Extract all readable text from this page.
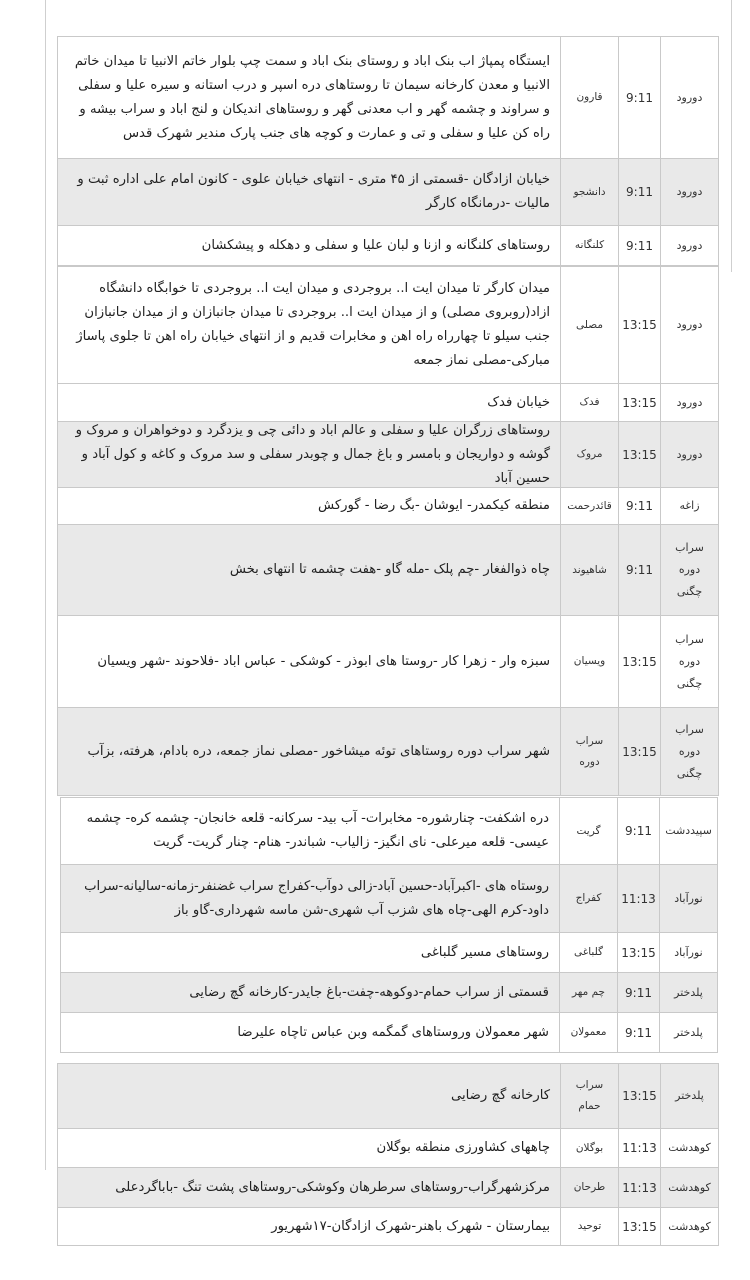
دورود
9:11
قارون
ایستگاه پمپاژ اب بنک اباد و روستای بنک اباد و سمت چپ بلوار خاتم الانبیا تا میدان خاتم الانبیا و معدن کارخانه سیمان تا روستاهای دره اسپر و درب استانه و سیره علیا و سفلی و سراوند و چشمه گهر و اب معدنی گهر و روستاهای اندیکان و لنج اباد و سراب بیشه و راه کن علیا و سفلی و تی و عمارت و کوچه های جنب پارک مندیر شهرک قدس
دورود
9:11
دانشجو
خیابان ازادگان -قسمتی از ۴۵ متری - انتهای خیابان علوی - کانون امام علی اداره ثبت و مالیات -درمانگاه کارگر
دورود
9:11
کلنگانه
روستاهای کلنگانه و ازنا و لبان علیا و سفلی و دهکله و پیشکشان
دورود
13:15
مصلی
میدان کارگر تا میدان ایت ا.. بروجردی و میدان ایت ا.. بروجردی تا خوابگاه دانشگاه ازاد(روبروی مصلی) و از میدان ایت ا.. بروجردی تا میدان جانبازان و از میدان جانبازان جنب سیلو تا چهارراه راه اهن و مخابرات قدیم و از انتهای خیابان راه اهن تا جلوی پاساژ مبارکی-مصلی نماز جمعه
دورود
13:15
فدک
خیابان فدک
دورود
13:15
مروک
روستاهای زرگران علیا و سفلی و عالم اباد و دائی چی و یزدگرد و دوخواهران و مروک و گوشه و دواریجان و بامسر و باغ جمال و چوبدر سفلی و سد مروک و کاغه و کول آباد و حسین آباد
زاغه
9:11
قائدرحمت
منطقه کیکمدر- ایوشان -بگ رضا - گورکش
سراب دوره چگنی
9:11
شاهیوند
چاه ذوالفغار -چم پلک -مله گاو -هفت چشمه تا انتهای بخش
سراب دوره چگنی
13:15
ویسیان
سبزه وار - زهرا کار -روستا های ابوذر - کوشکی - عباس اباد -فلاحوند -شهر ویسیان
سراب دوره چگنی
13:15
سراب دوره
شهر سراب دوره روستاهای توئه میشاخور -مصلی نماز جمعه، دره بادام، هرفته، بزآب
سپیددشت
9:11
گریت
دره اشکفت- چنارشوره- مخابرات- آب بید- سرکانه- قلعه خانجان- چشمه کره- چشمه عیسی- قلعه میرعلی- نای انگیز- زالیاب- شباندر- هنام- چنار گریت- گریت
نورآباد
11:13
کفراج
روستاه های -اکبرآباد-حسین آباد-زالی دوآب-کفراج سراب غضنفر-زمانه-سالیانه-سراب داود-کرم الهی-چاه های شزب آب شهری-شن ماسه شهرداری-گاو باز
نورآباد
13:15
گلباغی
روستاهای مسیر گلباغی
پلدختر
9:11
چم مهر
قسمتی از سراب حمام-دوکوهه-چفت-باغ جایدر-کارخانه گچ رضایی
پلدختر
9:11
معمولان
شهر معمولان وروستاهای گمگمه وبن عباس تاچاه علیرضا
پلدختر
13:15
سراب حمام
کارخانه گچ رضایی
کوهدشت
11:13
بوگلان
چاههای کشاورزی منطقه بوگلان
کوهدشت
11:13
طرحان
مرکزشهرگراب-روستاهای سرطرهان وکوشکی-روستاهای پشت تنگ -باباگردعلی
کوهدشت
13:15
توحید
بیمارستان - شهرک باهنر-شهرک ازادگان-۱۷شهریور
